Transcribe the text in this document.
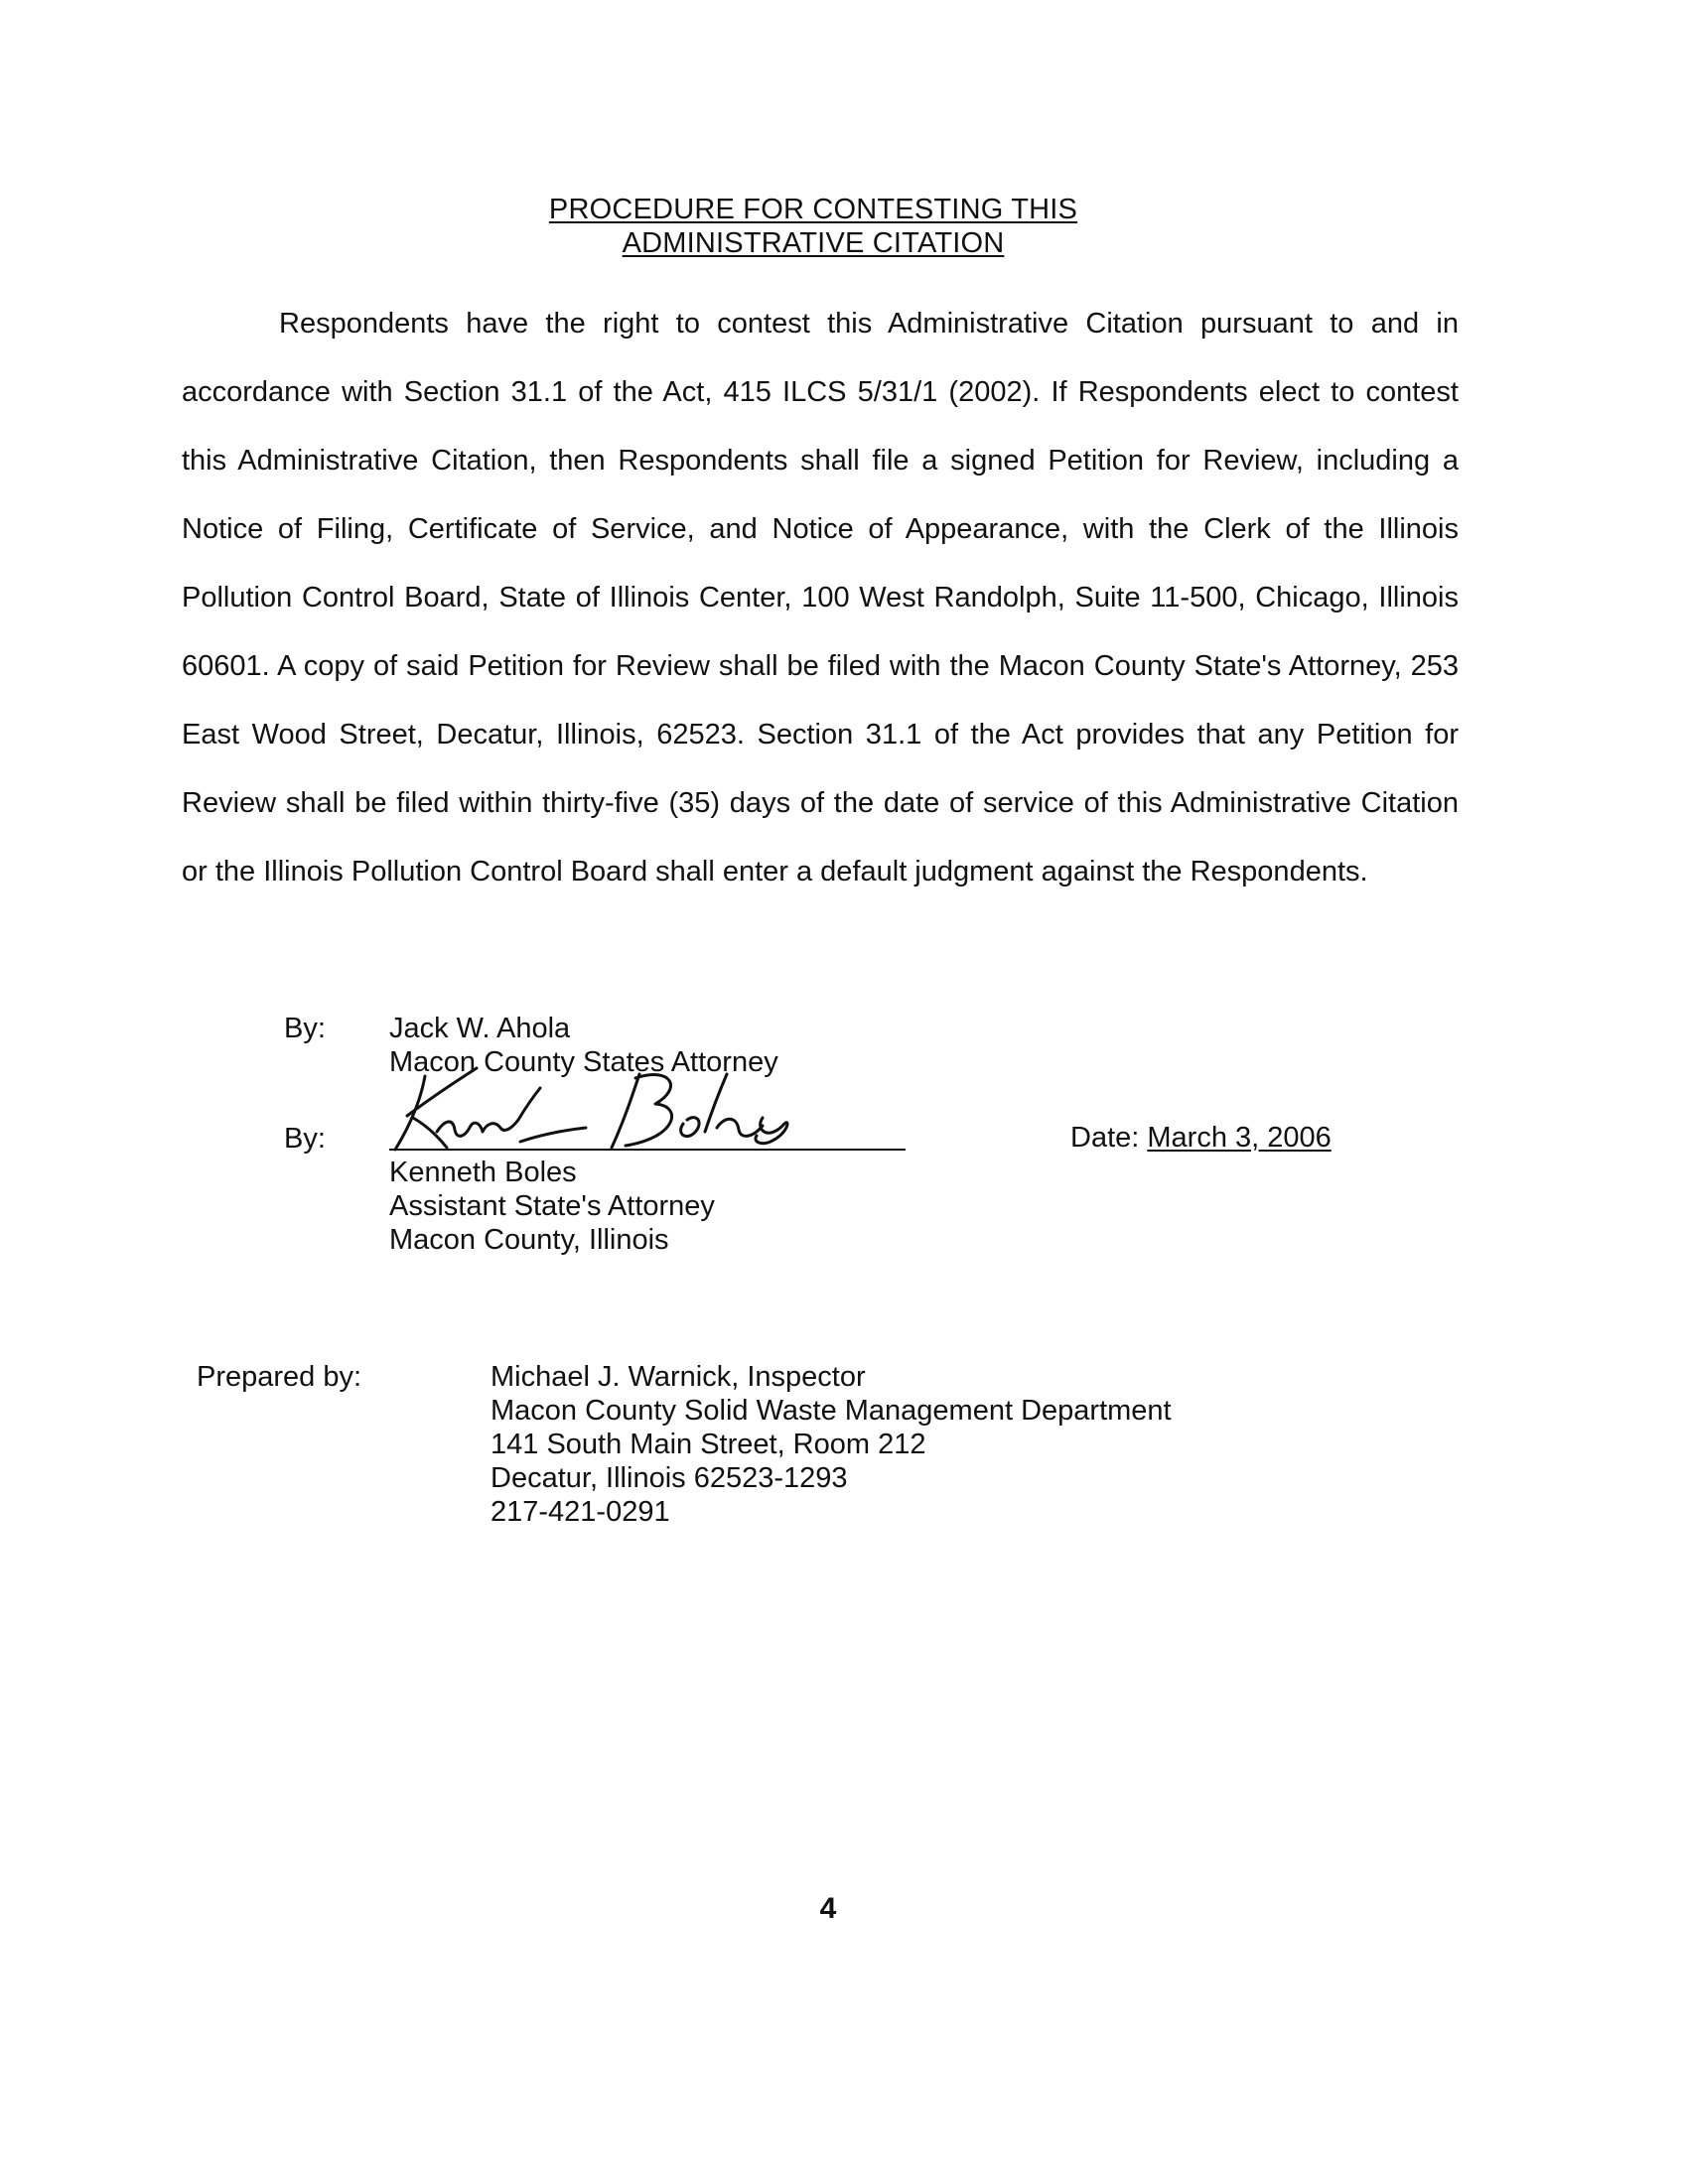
PROCEDURE FOR CONTESTING THIS
ADMINISTRATIVE CITATION

Respondents have the right to contest this Administrative Citation pursuant to and in accordance with Section 31.1 of the Act, 415 ILCS 5/31/1 (2002). If Respondents elect to contest this Administrative Citation, then Respondents shall file a signed Petition for Review, including a Notice of Filing, Certificate of Service, and Notice of Appearance, with the Clerk of the Illinois Pollution Control Board, State of Illinois Center, 100 West Randolph, Suite 11-500, Chicago, Illinois 60601. A copy of said Petition for Review shall be filed with the Macon County State's Attorney, 253 East Wood Street, Decatur, Illinois, 62523. Section 31.1 of the Act provides that any Petition for Review shall be filed within thirty-five (35) days of the date of service of this Administrative Citation or the Illinois Pollution Control Board shall enter a default judgment against the Respondents.

By: Jack W. Ahola
Macon County States Attorney
By:	Date: March 3, 2006
Kenneth Boles
Assistant State's Attorney
Macon County, Illinois
Prepared by:	Michael J. Warnick, Inspector
Macon County Solid Waste Management Department
141 South Main Street, Room 212
Decatur, Illinois 62523-1293
217-421-0291
4
